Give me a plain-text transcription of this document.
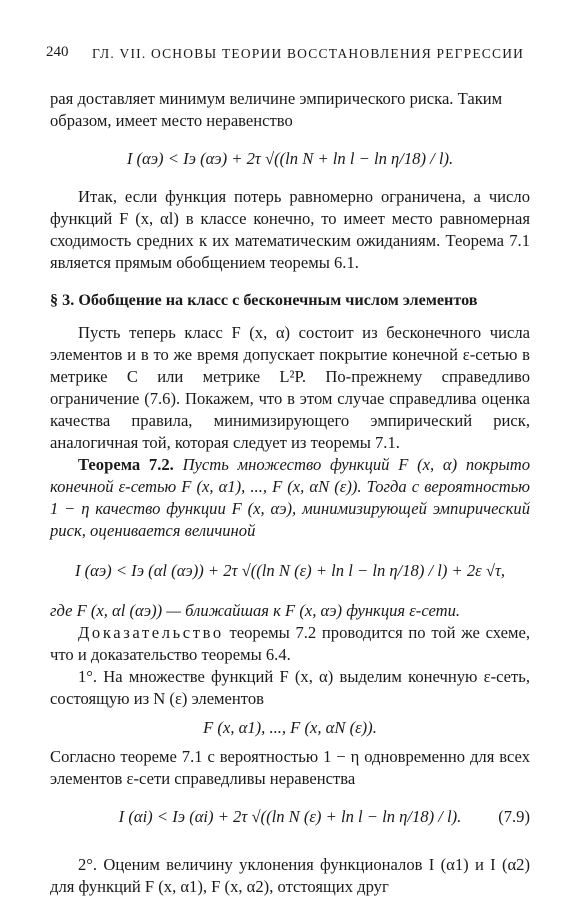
240 ГЛ. VII. ОСНОВЫ ТЕОРИИ ВОССТАНОВЛЕНИЯ РЕГРЕССИИ

рая доставляет минимум величине эмпирического риска. Таким образом, имеет место неравенство

I (αэ) < Iэ (αэ) + 2τ √((ln N + ln l − ln η/18) / l).

Итак, если функция потерь равномерно ограничена, а число функций F (x, αl) в классе конечно, то имеет место равномерная сходимость средних к их математическим ожиданиям. Теорема 7.1 является прямым обобщением теоремы 6.1.

§ 3. Обобщение на класс с бесконечным числом элементов

Пусть теперь класс F (x, α) состоит из бесконечного числа элементов и в то же время допускает покрытие конечной ε-сетью в метрике C или метрике L²P. По-прежнему справедливо ограничение (7.6). Покажем, что в этом случае справедлива оценка качества правила, минимизирующего эмпирический риск, аналогичная той, которая следует из теоремы 7.1.

Теорема 7.2. Пусть множество функций F (x, α) покрыто конечной ε-сетью F (x, α1), ..., F (x, αN (ε)). Тогда с вероятностью 1 − η качество функции F (x, αэ), минимизирующей эмпирический риск, оценивается величиной

I (αэ) < Iэ (αl (αэ)) + 2τ √((ln N (ε) + ln l − ln η/18) / l) + 2ε √τ,

где F (x, αl (αэ)) — ближайшая к F (x, αэ) функция ε-сети.

Доказательство теоремы 7.2 проводится по той же схеме, что и доказательство теоремы 6.4.

1°. На множестве функций F (x, α) выделим конечную ε-сеть, состоящую из N (ε) элементов

F (x, α1), ..., F (x, αN (ε)).

Согласно теореме 7.1 с вероятностью 1 − η одновременно для всех элементов ε-сети справедливы неравенства

I (αi) < Iэ (αi) + 2τ √((ln N (ε) + ln l − ln η/18) / l). (7.9)

2°. Оценим величину уклонения функционалов I (α1) и I (α2) для функций F (x, α1), F (x, α2), отстоящих друг
